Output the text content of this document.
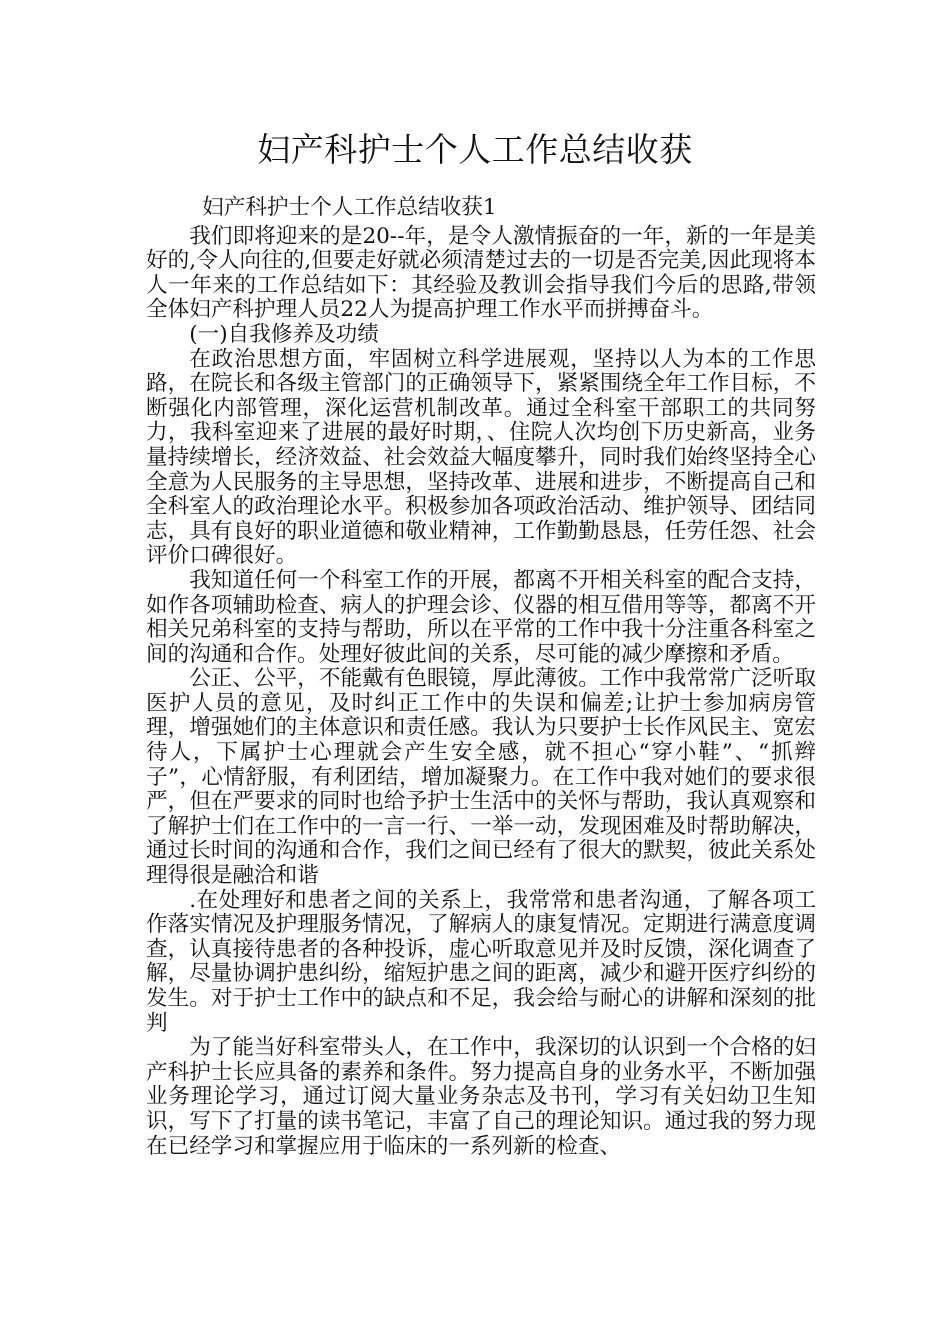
妇产科护士个人工作总结收获

妇产科护士个人工作总结收获1

我们即将迎来的是20--年，是令人激情振奋的一年，新的一年是美好的,令人向往的,但要走好就必须清楚过去的一切是否完美,因此现将本人一年来的工作总结如下：其经验及教训会指导我们今后的思路,带领全体妇产科护理人员22人为提高护理工作水平而拼搏奋斗。

(一)自我修养及功绩

在政治思想方面，牢固树立科学进展观，坚持以人为本的工作思路，在院长和各级主管部门的正确领导下，紧紧围绕全年工作目标，不断强化内部管理，深化运营机制改革。通过全科室干部职工的共同努力，我科室迎来了进展的最好时期，、住院人次均创下历史新高，业务量持续增长，经济效益、社会效益大幅度攀升，同时我们始终坚持全心全意为人民服务的主导思想，坚持改革、进展和进步，不断提高自己和全科室人的政治理论水平。积极参加各项政治活动、维护领导、团结同志，具有良好的职业道德和敬业精神，工作勤勤恳恳，任劳任怨、社会评价口碑很好。

我知道任何一个科室工作的开展，都离不开相关科室的配合支持，如作各项辅助检查、病人的护理会诊、仪器的相互借用等等，都离不开相关兄弟科室的支持与帮助，所以在平常的工作中我十分注重各科室之间的沟通和合作。处理好彼此间的关系，尽可能的减少摩擦和矛盾。

公正、公平，不能戴有色眼镜，厚此薄彼。工作中我常常广泛听取医护人员的意见，及时纠正工作中的失误和偏差;让护士参加病房管理，增强她们的主体意识和责任感。我认为只要护士长作风民主、宽宏待人，下属护士心理就会产生安全感，就不担心“穿小鞋”、“抓辫子”，心情舒服，有利团结，增加凝聚力。在工作中我对她们的要求很严，但在严要求的同时也给予护士生活中的关怀与帮助，我认真观察和了解护士们在工作中的一言一行、一举一动，发现困难及时帮助解决，通过长时间的沟通和合作，我们之间已经有了很大的默契，彼此关系处理得很是融洽和谐

.在处理好和患者之间的关系上，我常常和患者沟通，了解各项工作落实情况及护理服务情况，了解病人的康复情况。定期进行满意度调查，认真接待患者的各种投诉，虚心听取意见并及时反馈，深化调查了解，尽量协调护患纠纷，缩短护患之间的距离，减少和避开医疗纠纷的发生。对于护士工作中的缺点和不足，我会给与耐心的讲解和深刻的批判

为了能当好科室带头人，在工作中，我深切的认识到一个合格的妇产科护士长应具备的素养和条件。努力提高自身的业务水平，不断加强业务理论学习，通过订阅大量业务杂志及书刊，学习有关妇幼卫生知识，写下了打量的读书笔记，丰富了自己的理论知识。通过我的努力现在已经学习和掌握应用于临床的一系列新的检查、
